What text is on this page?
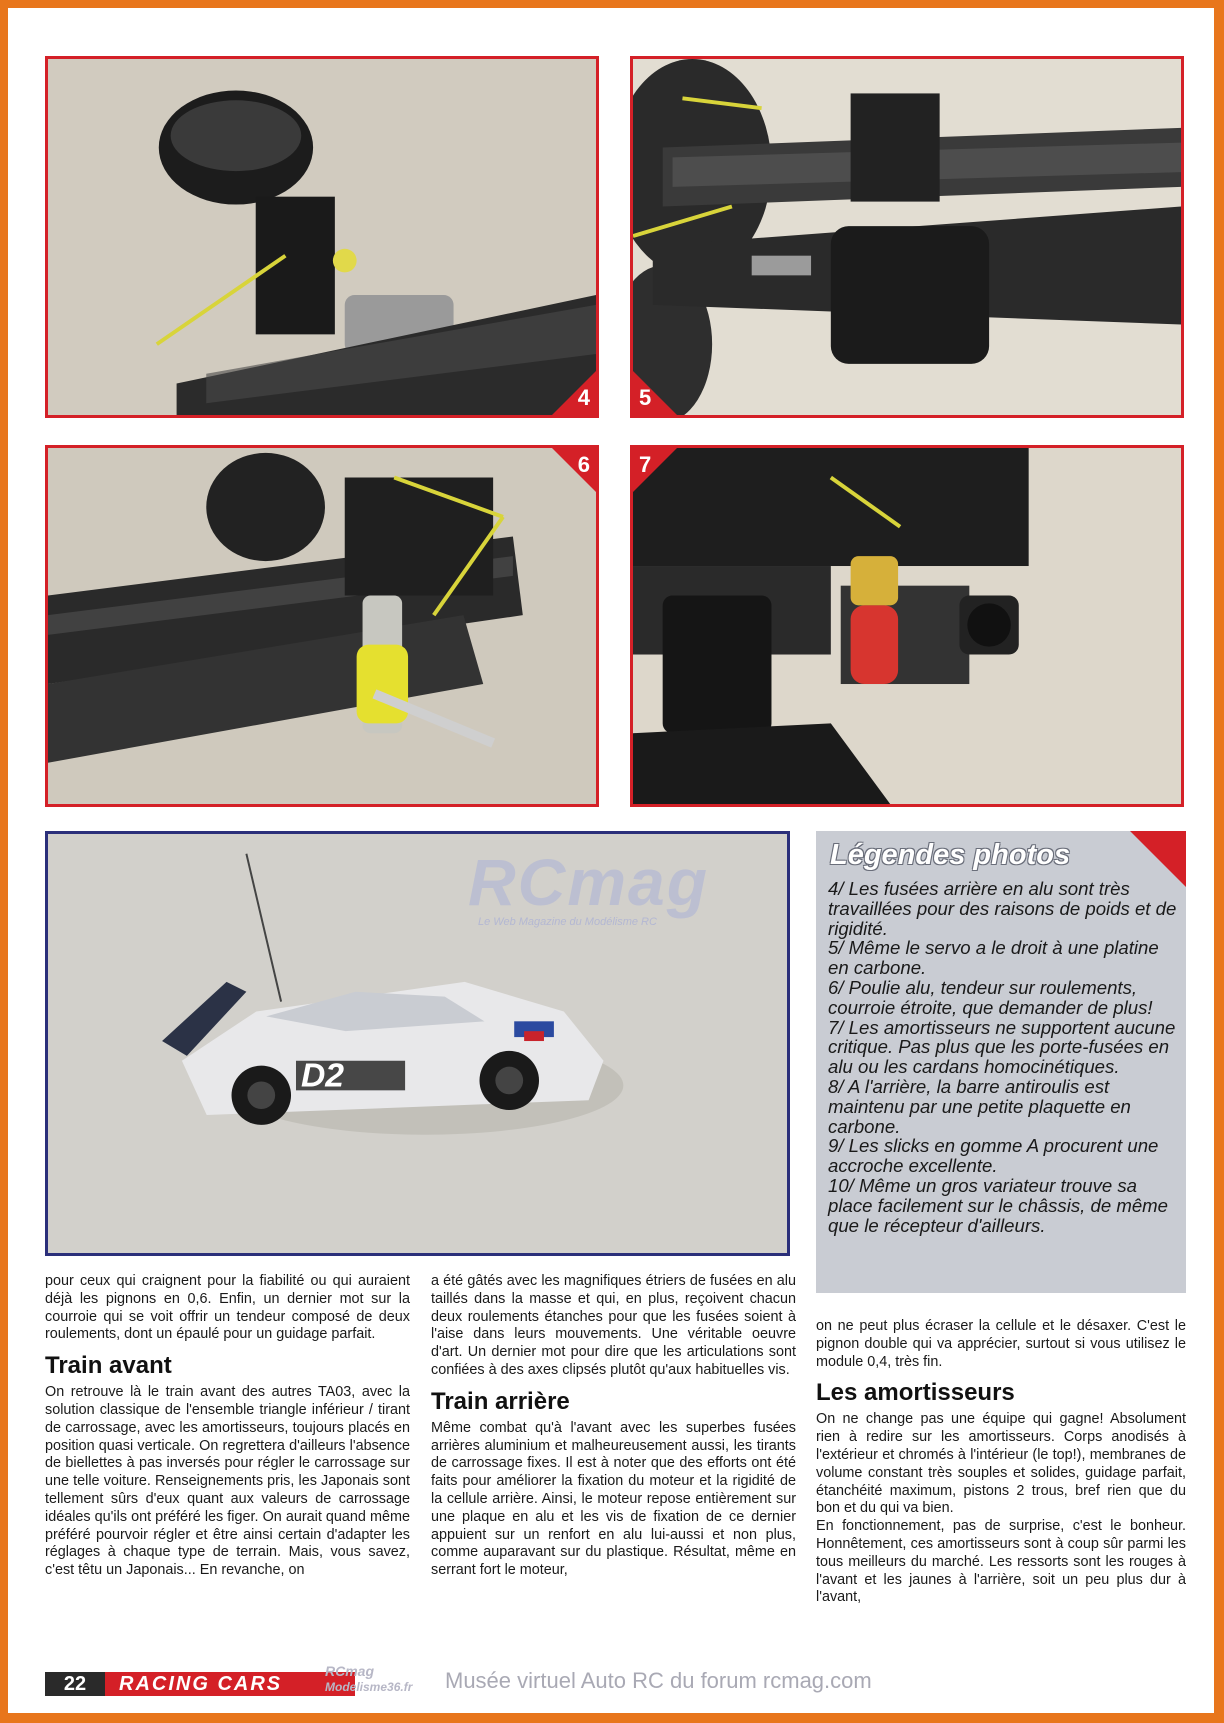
4 5
6 7
D2
RCmag
Le Web Magazine du Modélisme RC
Légendes photos

4/ Les fusées arrière en alu sont très travaillées pour des raisons de poids et de rigidité.

5/ Même le servo a le droit à une platine en carbone.

6/ Poulie alu, tendeur sur roulements, courroie étroite, que demander de plus!

7/ Les amortisseurs ne supportent aucune critique. Pas plus que les porte-fusées en alu ou les cardans homocinétiques.

8/ A l'arrière, la barre antiroulis est maintenu par une petite plaquette en carbone.

9/ Les slicks en gomme A procurent une accroche excellente.

10/ Même un gros variateur trouve sa place facilement sur le châssis, de même que le récepteur d'ailleurs.

pour ceux qui craignent pour la fiabilité ou qui auraient déjà les pignons en 0,6. Enfin, un dernier mot sur la courroie qui se voit offrir un tendeur composé de deux roulements, dont un épaulé pour un guidage parfait.

Train avant

On retrouve là le train avant des autres TA03, avec la solution classique de l'ensemble triangle inférieur / tirant de carrossage, avec les amortisseurs, toujours placés en position quasi verticale. On regrettera d'ailleurs l'absence de biellettes à pas inversés pour régler le carrossage sur une telle voiture. Renseignements pris, les Japonais sont tellement sûrs d'eux quant aux valeurs de carrossage idéales qu'ils ont préféré les figer. On aurait quand même préféré pourvoir régler et être ainsi certain d'adapter les réglages à chaque type de terrain. Mais, vous savez, c'est têtu un Japonais... En revanche, on

a été gâtés avec les magnifiques étriers de fusées en alu taillés dans la masse et qui, en plus, reçoivent chacun deux roulements étanches pour que les fusées soient à l'aise dans leurs mouvements. Une véritable oeuvre d'art. Un dernier mot pour dire que les articulations sont confiées à des axes clipsés plutôt qu'aux habituelles vis.

Train arrière

Même combat qu'à l'avant avec les superbes fusées arrières aluminium et malheureusement aussi, les tirants de carrossage fixes. Il est à noter que des efforts ont été faits pour améliorer la fixation du moteur et la rigidité de la cellule arrière. Ainsi, le moteur repose entièrement sur une plaque en alu et les vis de fixation de ce dernier appuient sur un renfort en alu lui-aussi et non plus, comme auparavant sur du plastique. Résultat, même en serrant fort le moteur,

on ne peut plus écraser la cellule et le désaxer. C'est le pignon double qui va apprécier, surtout si vous utilisez le module 0,4, très fin.

Les amortisseurs

On ne change pas une équipe qui gagne! Absolument rien à redire sur les amortisseurs. Corps anodisés à l'extérieur et chromés à l'intérieur (le top!), membranes de volume constant très souples et solides, guidage parfait, étanchéité maximum, pistons 2 trous, bref rien que du bon et du qui va bien.

En fonctionnement, pas de surprise, c'est le bonheur. Honnêtement, ces amortisseurs sont à coup sûr parmi les tous meilleurs du marché. Les ressorts sont les rouges à l'avant et les jaunes à l'arrière, soit un peu plus dur à l'avant,

22	RACING CARS
RCmag
Modelisme36.fr Musée virtuel Auto RC du forum rcmag.com
